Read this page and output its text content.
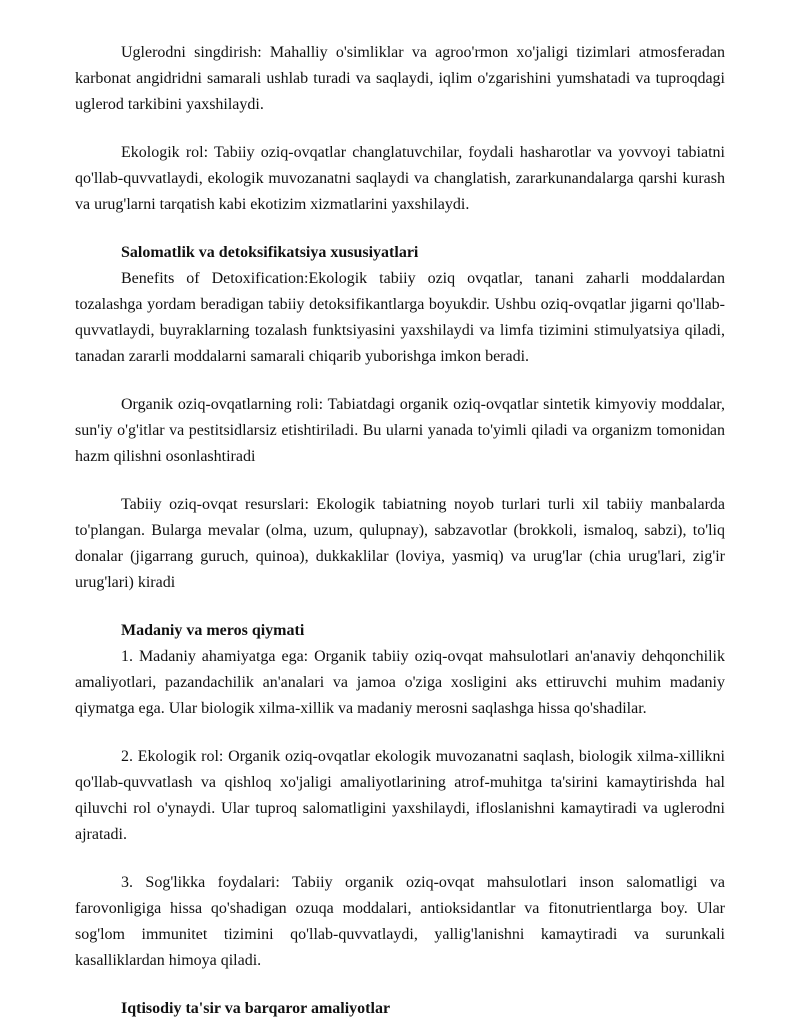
Uglerodni singdirish: Mahalliy o'simliklar va agroo'rmon xo'jaligi tizimlari atmosferadan karbonat angidridni samarali ushlab turadi va saqlaydi, iqlim o'zgarishini yumshatadi va tuproqdagi uglerod tarkibini yaxshilaydi.

Ekologik rol: Tabiiy oziq-ovqatlar changlatuvchilar, foydali hasharotlar va yovvoyi tabiatni qo'llab-quvvatlaydi, ekologik muvozanatni saqlaydi va changlatish, zararkunandalarga qarshi kurash va urug'larni tarqatish kabi ekotizim xizmatlarini yaxshilaydi.

Salomatlik va detoksifikatsiya xususiyatlari

Benefits of Detoxification:Ekologik tabiiy oziq ovqatlar, tanani zaharli moddalardan tozalashga yordam beradigan tabiiy detoksifikantlarga boyukdir. Ushbu oziq-ovqatlar jigarni qo'llab-quvvatlaydi, buyraklarning tozalash funktsiyasini yaxshilaydi va limfa tizimini stimulyatsiya qiladi, tanadan zararli moddalarni samarali chiqarib yuborishga imkon beradi.

Organik oziq-ovqatlarning roli: Tabiatdagi organik oziq-ovqatlar sintetik kimyoviy moddalar, sun'iy o'g'itlar va pestitsidlarsiz etishtiriladi. Bu ularni yanada to'yimli qiladi va organizm tomonidan hazm qilishni osonlashtiradi

Tabiiy oziq-ovqat resurslari: Ekologik tabiatning noyob turlari turli xil tabiiy manbalarda to'plangan. Bularga mevalar (olma, uzum, qulupnay), sabzavotlar (brokkoli, ismaloq, sabzi), to'liq donalar (jigarrang guruch, quinoa), dukkaklilar (loviya, yasmiq) va urug'lar (chia urug'lari, zig'ir urug'lari) kiradi

Madaniy va meros qiymati

1. Madaniy ahamiyatga ega: Organik tabiiy oziq-ovqat mahsulotlari an'anaviy dehqonchilik amaliyotlari, pazandachilik an'analari va jamoa o'ziga xosligini aks ettiruvchi muhim madaniy qiymatga ega. Ular biologik xilma-xillik va madaniy merosni saqlashga hissa qo'shadilar.

2. Ekologik rol: Organik oziq-ovqatlar ekologik muvozanatni saqlash, biologik xilma-xillikni qo'llab-quvvatlash va qishloq xo'jaligi amaliyotlarining atrof-muhitga ta'sirini kamaytirishda hal qiluvchi rol o'ynaydi. Ular tuproq salomatligini yaxshilaydi, ifloslanishni kamaytiradi va uglerodni ajratadi.

3. Sog'likka foydalari: Tabiiy organik oziq-ovqat mahsulotlari inson salomatligi va farovonligiga hissa qo'shadigan ozuqa moddalari, antioksidantlar va fitonutrientlarga boy. Ular sog'lom immunitet tizimini qo'llab-quvvatlaydi, yallig'lanishni kamaytiradi va surunkali kasalliklardan himoya qiladi.

Iqtisodiy ta'sir va barqaror amaliyotlar
